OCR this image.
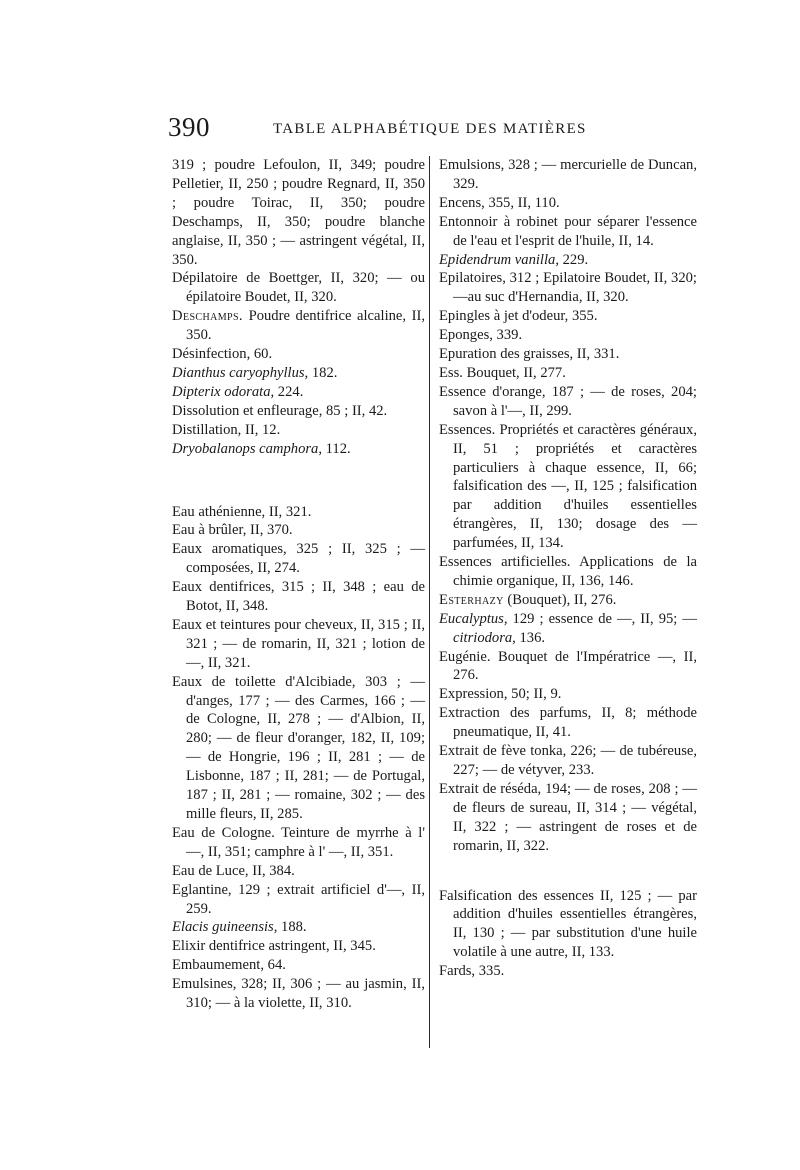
390	TABLE ALPHABÉTIQUE DES MATIÈRES

319 ; poudre Lefoulon, II, 349; poudre Pelletier, II, 250 ; poudre Regnard, II, 350 ; poudre Toirac, II, 350; poudre Deschamps, II, 350; poudre blanche anglaise, II, 350 ; — astringent végétal, II, 350.

Dépilatoire de Boettger, II, 320; — ou épilatoire Boudet, II, 320.

Deschamps. Poudre dentifrice alcaline, II, 350.

Désinfection, 60.

Dianthus caryophyllus, 182.

Dipterix odorata, 224.

Dissolution et enfleurage, 85 ; II, 42.

Distillation, II, 12.

Dryobalanops camphora, 112.

Eau athénienne, II, 321.

Eau à brûler, II, 370.

Eaux aromatiques, 325 ; II, 325 ; — composées, II, 274.

Eaux dentifrices, 315 ; II, 348 ; eau de Botot, II, 348.

Eaux et teintures pour cheveux, II, 315 ; II, 321 ; — de romarin, II, 321 ; lotion de —, II, 321.

Eaux de toilette d'Alcibiade, 303 ; — d'anges, 177 ; — des Carmes, 166 ; — de Cologne, II, 278 ; — d'Albion, II, 280; — de fleur d'oranger, 182, II, 109; — de Hongrie, 196 ; II, 281 ; — de Lisbonne, 187 ; II, 281; — de Portugal, 187 ; II, 281 ; — romaine, 302 ; — des mille fleurs, II, 285.

Eau de Cologne. Teinture de myrrhe à l' —, II, 351; camphre à l' —, II, 351.

Eau de Luce, II, 384.

Eglantine, 129 ; extrait artificiel d'—, II, 259.

Elacis guineensis, 188.

Elixir dentifrice astringent, II, 345.

Embaumement, 64.

Emulsines, 328; II, 306 ; — au jasmin, II, 310; — à la violette, II, 310.

Emulsions, 328 ; — mercurielle de Duncan, 329.

Encens, 355, II, 110.

Entonnoir à robinet pour séparer l'essence de l'eau et l'esprit de l'huile, II, 14.

Epidendrum vanilla, 229.

Epilatoires, 312 ; Epilatoire Boudet, II, 320;—au suc d'Hernandia, II, 320.

Epingles à jet d'odeur, 355.

Eponges, 339.

Epuration des graisses, II, 331.

Ess. Bouquet, II, 277.

Essence d'orange, 187 ; — de roses, 204; savon à l'—, II, 299.

Essences. Propriétés et caractères généraux, II, 51 ; propriétés et caractères particuliers à chaque essence, II, 66; falsification des —, II, 125 ; falsification par addition d'huiles essentielles étrangères, II, 130; dosage des — parfumées, II, 134.

Essences artificielles. Applications de la chimie organique, II, 136, 146.

Esterhazy (Bouquet), II, 276.

Eucalyptus, 129 ; essence de —, II, 95; — citriodora, 136.

Eugénie. Bouquet de l'Impératrice —, II, 276.

Expression, 50; II, 9.

Extraction des parfums, II, 8; méthode pneumatique, II, 41.

Extrait de fève tonka, 226; — de tubéreuse, 227; — de vétyver, 233.

Extrait de réséda, 194; — de roses, 208 ; — de fleurs de sureau, II, 314 ; — végétal, II, 322 ; — astringent de roses et de romarin, II, 322.

Falsification des essences II, 125 ; — par addition d'huiles essentielles étrangères, II, 130 ; — par substitution d'une huile volatile à une autre, II, 133.

Fards, 335.
